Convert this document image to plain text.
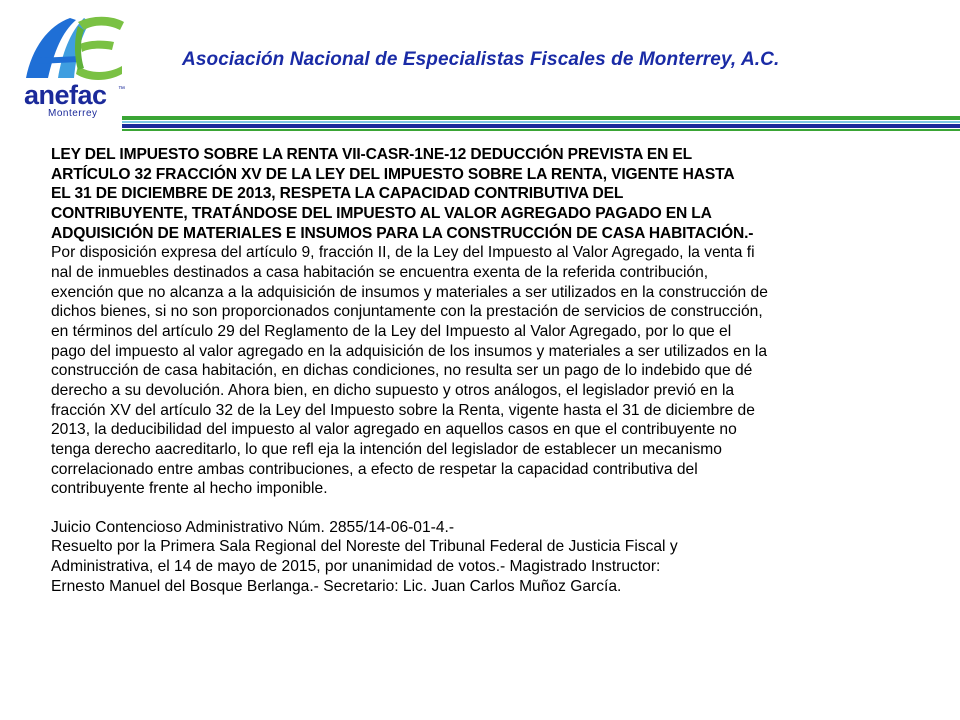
anefac ™
Monterrey
Asociación Nacional de Especialistas Fiscales de Monterrey, A.C.
LEY DEL IMPUESTO SOBRE LA RENTA VII-CASR-1NE-12 DEDUCCIÓN PREVISTA EN EL
ARTÍCULO 32 FRACCIÓN XV DE LA LEY DEL IMPUESTO SOBRE LA RENTA, VIGENTE HASTA
EL 31 DE DICIEMBRE DE 2013, RESPETA LA CAPACIDAD CONTRIBUTIVA DEL
CONTRIBUYENTE, TRATÁNDOSE DEL IMPUESTO AL VALOR AGREGADO PAGADO EN LA
ADQUISICIÓN DE MATERIALES E INSUMOS PARA LA CONSTRUCCIÓN DE CASA HABITACIÓN.-
Por disposición expresa del artículo 9, fracción II, de la Ley del Impuesto al Valor Agregado, la venta fi
nal de inmuebles destinados a casa habitación se encuentra exenta de la referida contribución,
exención que no alcanza a la adquisición de insumos y materiales a ser utilizados en la construcción de
dichos bienes, si no son proporcionados conjuntamente con la prestación de servicios de construcción,
en términos del artículo 29 del Reglamento de la Ley del Impuesto al Valor Agregado, por lo que el
pago del impuesto al valor agregado en la adquisición de los insumos y materiales a ser utilizados en la
construcción de casa habitación, en dichas condiciones, no resulta ser un pago de lo indebido que dé
derecho a su devolución. Ahora bien, en dicho supuesto y otros análogos, el legislador previó en la
fracción XV del artículo 32 de la Ley del Impuesto sobre la Renta, vigente hasta el 31 de diciembre de
2013, la deducibilidad del impuesto al valor agregado en aquellos casos en que el contribuyente no
tenga derecho aacreditarlo, lo que refl eja la intención del legislador de establecer un mecanismo
correlacionado entre ambas contribuciones, a efecto de respetar la capacidad contributiva del
contribuyente frente al hecho imponible.
Juicio Contencioso Administrativo Núm. 2855/14-06-01-4.-
Resuelto por la Primera Sala Regional del Noreste del Tribunal Federal de Justicia Fiscal y
Administrativa, el 14 de mayo de 2015, por unanimidad de votos.- Magistrado Instructor:
Ernesto Manuel del Bosque Berlanga.- Secretario: Lic. Juan Carlos Muñoz García.
